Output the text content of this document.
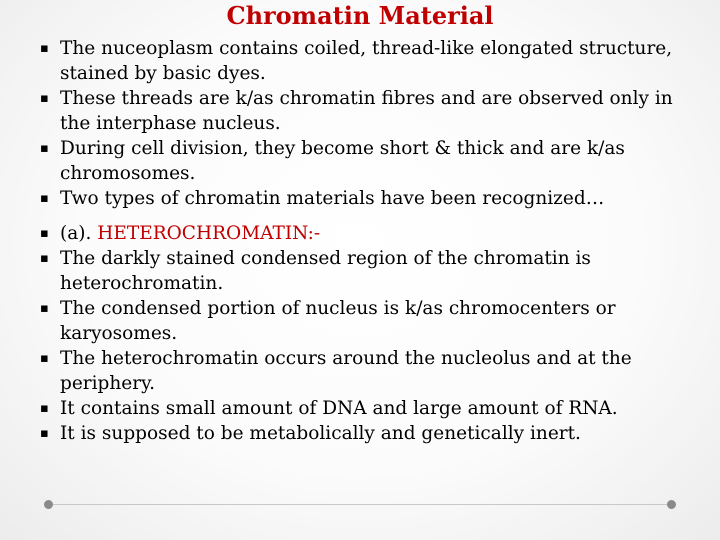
Chromatin Material
▪ The nuceoplasm contains coiled, thread-like elongated structure, stained by basic dyes.
▪ These threads are k/as chromatin fibres and are observed only in the interphase nucleus.
▪ During cell division, they become short & thick and are k/as chromosomes.
▪ Two types of chromatin materials have been recognized…
▪ (a). HETEROCHROMATIN:-
▪ The darkly stained condensed region of the chromatin is heterochromatin.
▪ The condensed portion of nucleus is k/as chromocenters or karyosomes.
▪ The heterochromatin occurs around the nucleolus and at the periphery.
▪ It contains small amount of DNA and large amount of RNA.
▪ It is supposed to be metabolically and genetically inert.
